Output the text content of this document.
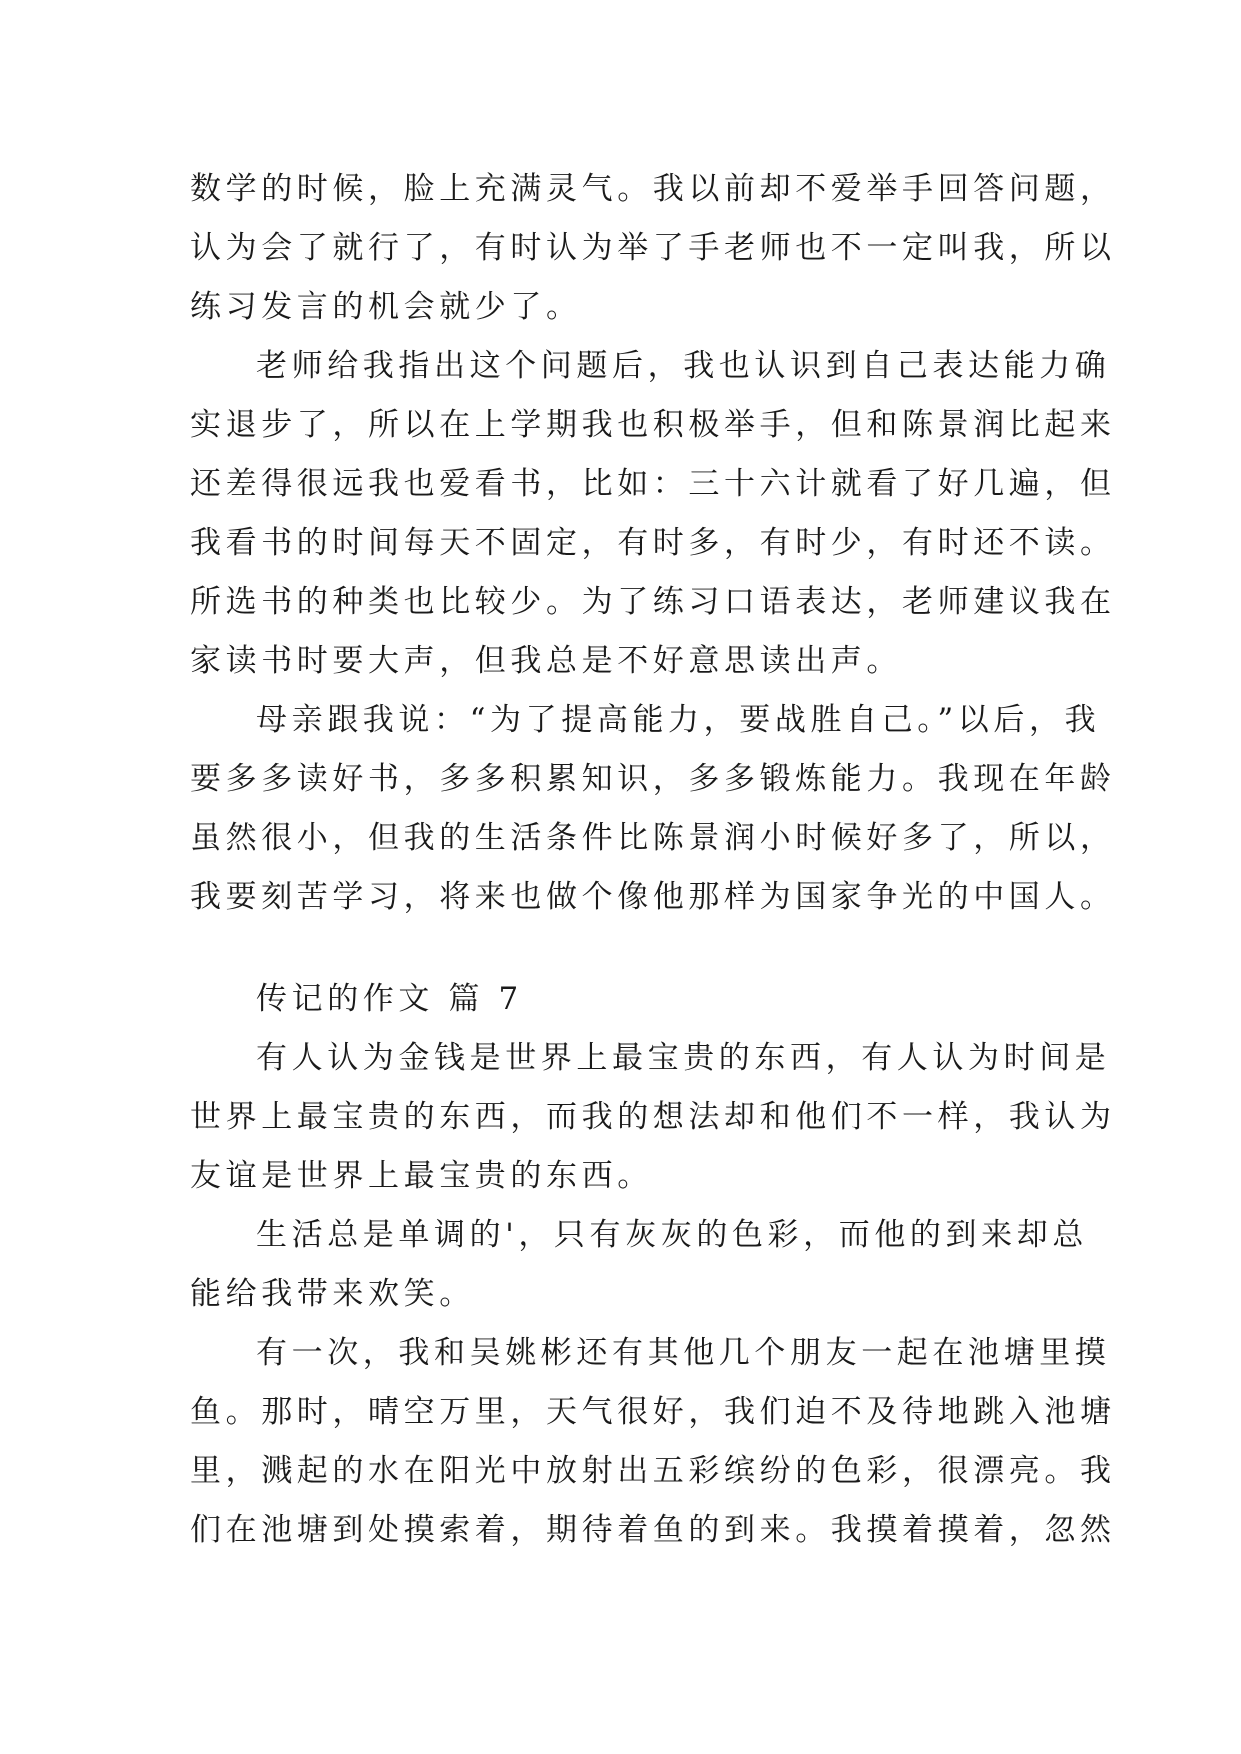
数学的时候，脸上充满灵气。我以前却不爱举手回答问题，
认为会了就行了，有时认为举了手老师也不一定叫我，所以
练习发言的机会就少了。
老师给我指出这个问题后，我也认识到自己表达能力确
实退步了，所以在上学期我也积极举手，但和陈景润比起来
还差得很远我也爱看书，比如：三十六计就看了好几遍，但
我看书的时间每天不固定，有时多，有时少，有时还不读。
所选书的种类也比较少。为了练习口语表达，老师建议我在
家读书时要大声，但我总是不好意思读出声。
母亲跟我说：“为了提高能力，要战胜自己。”以后，我
要多多读好书，多多积累知识，多多锻炼能力。我现在年龄
虽然很小，但我的生活条件比陈景润小时候好多了，所以，
我要刻苦学习，将来也做个像他那样为国家争光的中国人。
传记的作文 篇 7
有人认为金钱是世界上最宝贵的东西，有人认为时间是
世界上最宝贵的东西，而我的想法却和他们不一样，我认为
友谊是世界上最宝贵的东西。
生活总是单调的'，只有灰灰的色彩，而他的到来却总
能给我带来欢笑。
有一次，我和吴姚彬还有其他几个朋友一起在池塘里摸
鱼。那时，晴空万里，天气很好，我们迫不及待地跳入池塘
里，溅起的水在阳光中放射出五彩缤纷的色彩，很漂亮。我
们在池塘到处摸索着，期待着鱼的到来。我摸着摸着，忽然
